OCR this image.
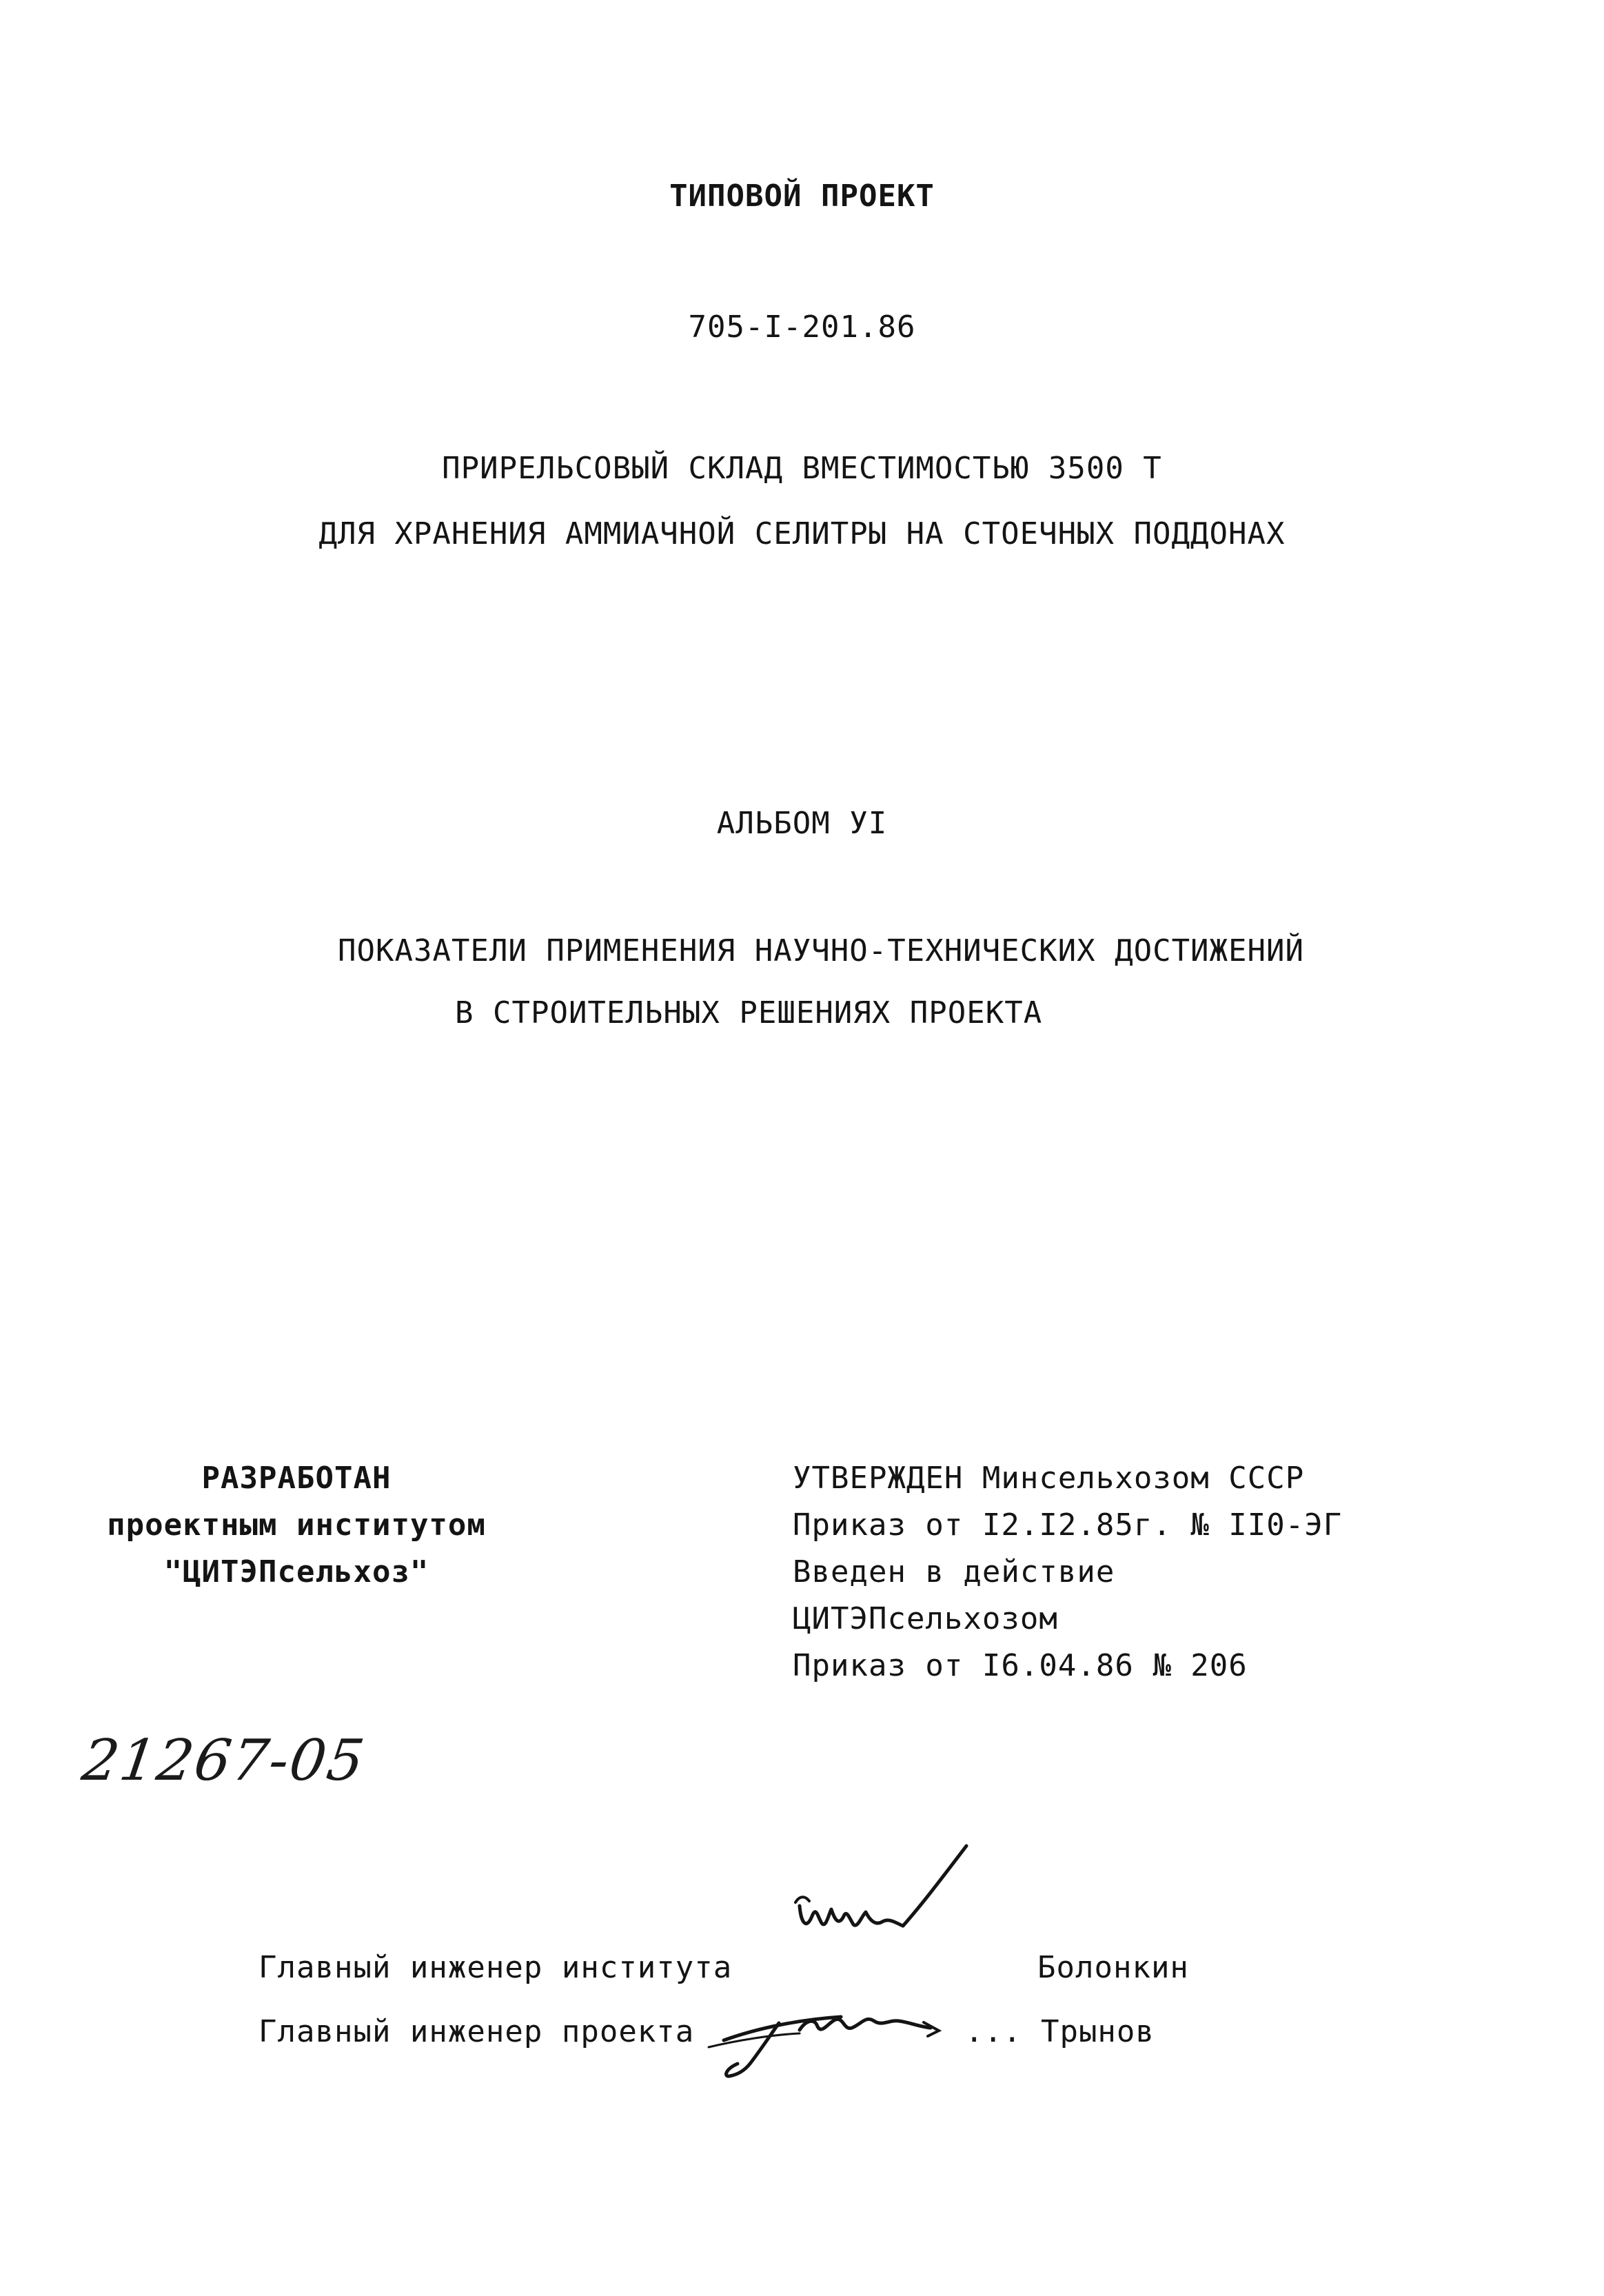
ТИПОВОЙ ПРОЕКТ
705-I-201.86
ПРИРЕЛЬСОВЫЙ СКЛАД ВМЕСТИМОСТЬЮ 3500 Т
ДЛЯ ХРАНЕНИЯ АММИАЧНОЙ СЕЛИТРЫ НА СТОЕЧНЫХ ПОДДОНАХ
АЛЬБОМ УI
ПОКАЗАТЕЛИ ПРИМЕНЕНИЯ НАУЧНО-ТЕХНИЧЕСКИХ ДОСТИЖЕНИЙ
В СТРОИТЕЛЬНЫХ РЕШЕНИЯХ ПРОЕКТА
РАЗРАБОТАН
проектным институтом
"ЦИТЭПсельхоз"
УТВЕРЖДЕН Минсельхозом СССР
Приказ от I2.I2.85г. № II0-ЭГ
Введен в действие
ЦИТЭПсельхозом
Приказ от I6.04.86 № 206
21267-05
Главный инженер института	Болонкин
Главный инженер проекта	... Трынов
